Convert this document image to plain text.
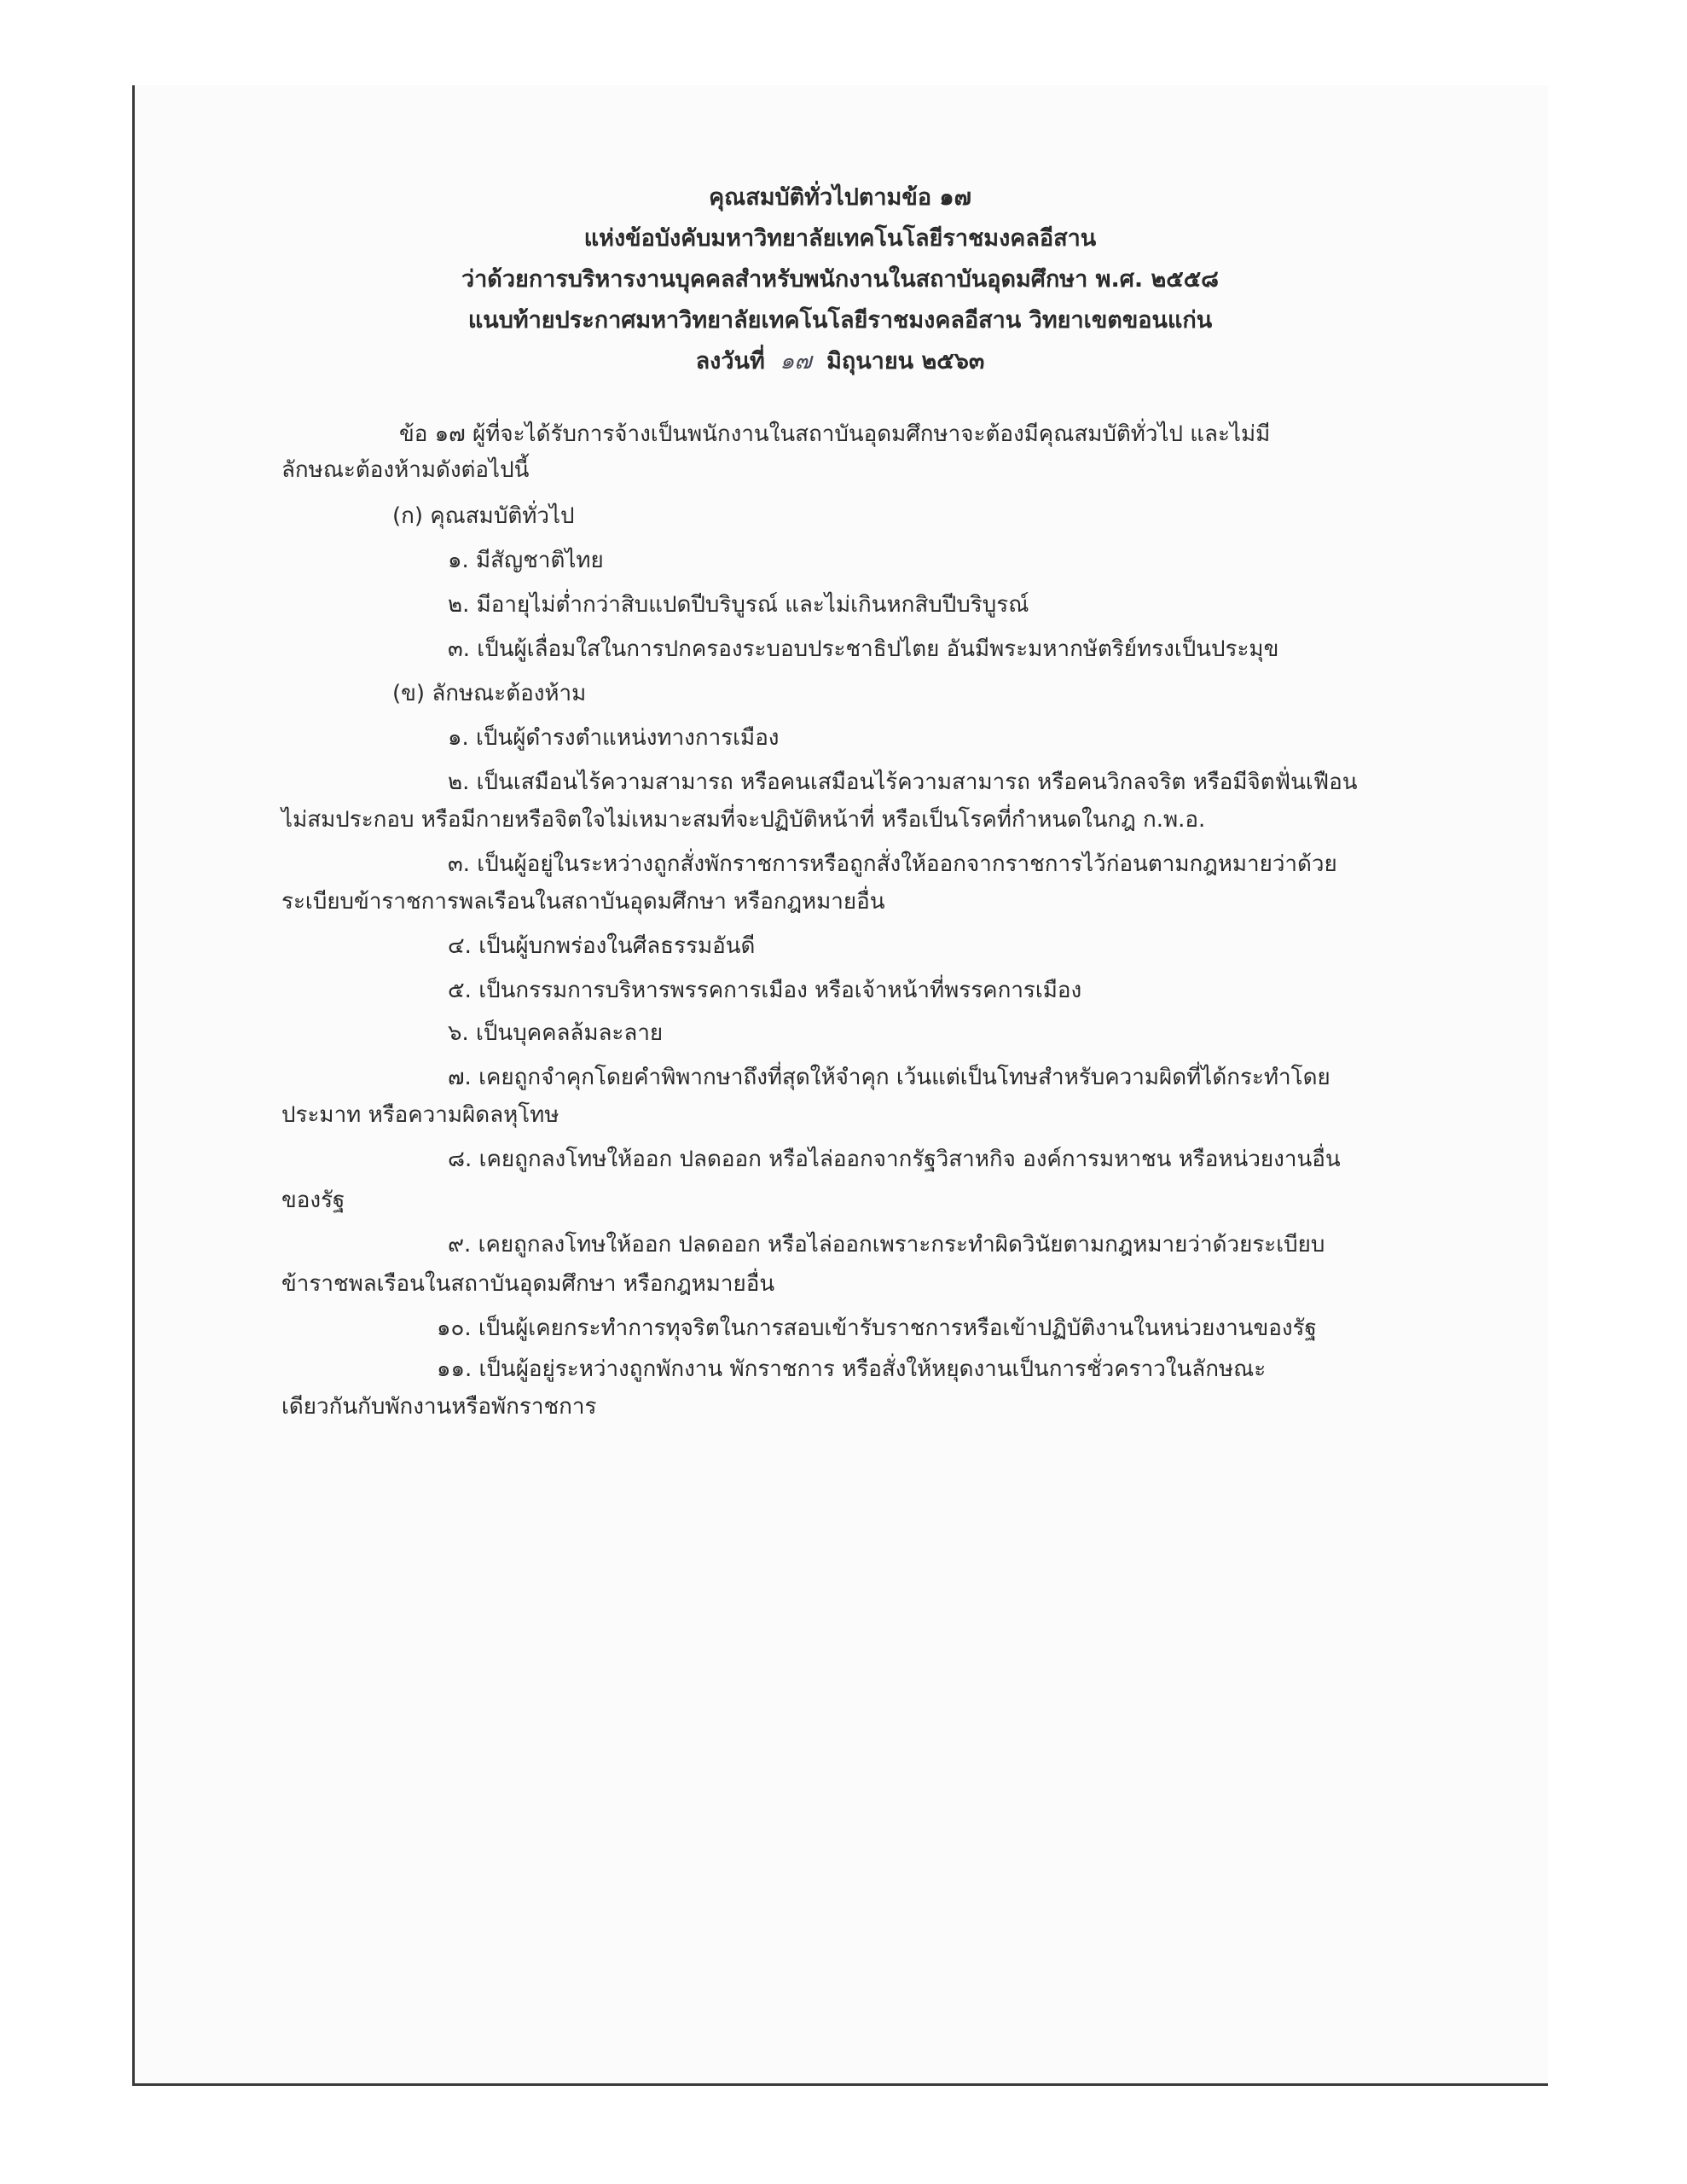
คุณสมบัติทั่วไปตามข้อ ๑๗
แห่งข้อบังคับมหาวิทยาลัยเทคโนโลยีราชมงคลอีสาน
ว่าด้วยการบริหารงานบุคคลสำหรับพนักงานในสถาบันอุดมศึกษา พ.ศ. ๒๕๕๘
แนบท้ายประกาศมหาวิทยาลัยเทคโนโลยีราชมงคลอีสาน วิทยาเขตขอนแก่น
ลงวันที่ ๑๗ มิถุนายน ๒๕๖๓
ข้อ ๑๗ ผู้ที่จะได้รับการจ้างเป็นพนักงานในสถาบันอุดมศึกษาจะต้องมีคุณสมบัติทั่วไป และไม่มี
ลักษณะต้องห้ามดังต่อไปนี้
(ก) คุณสมบัติทั่วไป
๑. มีสัญชาติไทย
๒. มีอายุไม่ต่ำกว่าสิบแปดปีบริบูรณ์ และไม่เกินหกสิบปีบริบูรณ์
๓. เป็นผู้เลื่อมใสในการปกครองระบอบประชาธิปไตย อันมีพระมหากษัตริย์ทรงเป็นประมุข
(ข) ลักษณะต้องห้าม
๑. เป็นผู้ดำรงตำแหน่งทางการเมือง
๒. เป็นเสมือนไร้ความสามารถ หรือคนเสมือนไร้ความสามารถ หรือคนวิกลจริต หรือมีจิตฟั่นเฟือน
ไม่สมประกอบ หรือมีกายหรือจิตใจไม่เหมาะสมที่จะปฏิบัติหน้าที่ หรือเป็นโรคที่กำหนดในกฎ ก.พ.อ.
๓. เป็นผู้อยู่ในระหว่างถูกสั่งพักราชการหรือถูกสั่งให้ออกจากราชการไว้ก่อนตามกฎหมายว่าด้วย
ระเบียบข้าราชการพลเรือนในสถาบันอุดมศึกษา หรือกฎหมายอื่น
๔. เป็นผู้บกพร่องในศีลธรรมอันดี
๕. เป็นกรรมการบริหารพรรคการเมือง หรือเจ้าหน้าที่พรรคการเมือง
๖. เป็นบุคคลล้มละลาย
๗. เคยถูกจำคุกโดยคำพิพากษาถึงที่สุดให้จำคุก เว้นแต่เป็นโทษสำหรับความผิดที่ได้กระทำโดย
ประมาท หรือความผิดลหุโทษ
๘. เคยถูกลงโทษให้ออก ปลดออก หรือไล่ออกจากรัฐวิสาหกิจ องค์การมหาชน หรือหน่วยงานอื่น
ของรัฐ
๙. เคยถูกลงโทษให้ออก ปลดออก หรือไล่ออกเพราะกระทำผิดวินัยตามกฎหมายว่าด้วยระเบียบ
ข้าราชพลเรือนในสถาบันอุดมศึกษา หรือกฎหมายอื่น
๑๐. เป็นผู้เคยกระทำการทุจริตในการสอบเข้ารับราชการหรือเข้าปฏิบัติงานในหน่วยงานของรัฐ
๑๑. เป็นผู้อยู่ระหว่างถูกพักงาน พักราชการ หรือสั่งให้หยุดงานเป็นการชั่วคราวในลักษณะ
เดียวกันกับพักงานหรือพักราชการ
